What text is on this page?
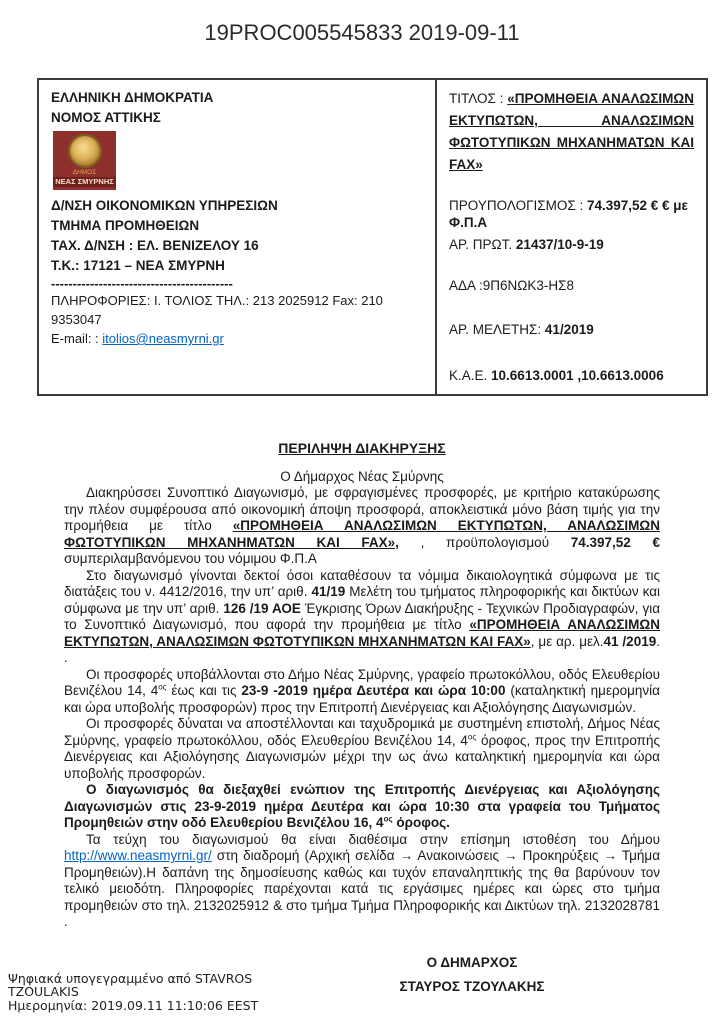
19PROC005545833 2019-09-11
ΕΛΛΗΝΙΚΗ ΔΗΜΟΚΡΑΤΙΑ
ΝΟΜΟΣ ΑΤΤΙΚΗΣ
ΔΗΜΟΣ
ΝΕΑΣ ΣΜΥΡΝΗΣ
Δ/ΝΣΗ ΟΙΚΟΝΟΜΙΚΩΝ ΥΠΗΡΕΣΙΩΝ
ΤΜΗΜΑ ΠΡΟΜΗΘΕΙΩΝ
ΤΑΧ. Δ/ΝΣΗ : ΕΛ. ΒΕΝΙΖΕΛΟΥ 16
Τ.Κ.: 17121 – ΝΕΑ ΣΜΥΡΝΗ
------------------------------------------
ΠΛΗΡΟΦΟΡΙΕΣ: Ι. ΤΟΛΙΟΣ ΤΗΛ.: 213 2025912 Fax: 210 9353047
E-mail: : itolios@neasmyrni.gr
ΤΙΤΛΟΣ : «ΠΡΟΜΗΘΕΙΑ ΑΝΑΛΩΣΙΜΩΝ ΕΚΤΥΠΩΤΩΝ, ΑΝΑΛΩΣΙΜΩΝ ΦΩΤΟΤΥΠΙΚΩΝ ΜΗΧΑΝΗΜΑΤΩΝ ΚΑΙ FAX»
ΠΡΟΥΠΟΛΟΓΙΣΜΟΣ : 74.397,52 € € με Φ.Π.Α
ΑΡ. ΠΡΩΤ. 21437/10-9-19
ΑΔΑ :9Π6ΝΩΚ3-ΗΣ8
ΑΡ. ΜΕΛΕΤΗΣ: 41/2019
Κ.Α.Ε. 10.6613.0001 ,10.6613.0006
ΠΕΡΙΛΗΨΗ ΔΙΑΚΗΡΥΞΗΣ
Ο Δήμαρχος Νέας Σμύρνης

Διακηρύσσει Συνοπτικό Διαγωνισμό, με σφραγισμένες προσφορές, με κριτήριο κατακύρωσης την πλέον συμφέρουσα από οικονομική άποψη προσφορά, αποκλειστικά μόνο βάση τιμής για την προμήθεια με τίτλο «ΠΡΟΜΗΘΕΙΑ ΑΝΑΛΩΣΙΜΩΝ ΕΚΤΥΠΩΤΩΝ, ΑΝΑΛΩΣΙΜΩΝ ΦΩΤΟΤΥΠΙΚΩΝ ΜΗΧΑΝΗΜΑΤΩΝ ΚΑΙ FAX», , προϋπολογισμού 74.397,52 € συμπεριλαμβανόμενου του νόμιμου Φ.Π.Α

Στο διαγωνισμό γίνονται δεκτοί όσοι καταθέσουν τα νόμιμα δικαιολογητικά σύμφωνα με τις διατάξεις του ν. 4412/2016, την υπ’ αριθ. 41/19 Μελέτη του τμήματος πληροφορικής και δικτύων και σύμφωνα με την υπ’ αριθ. 126 /19 ΑΟΕ Έγκρισης Όρων Διακήρυξης - Τεχνικών Προδιαγραφών, για το Συνοπτικό Διαγωνισμό, που αφορά την προμήθεια με τίτλο «ΠΡΟΜΗΘΕΙΑ ΑΝΑΛΩΣΙΜΩΝ ΕΚΤΥΠΩΤΩΝ, ΑΝΑΛΩΣΙΜΩΝ ΦΩΤΟΤΥΠΙΚΩΝ ΜΗΧΑΝΗΜΑΤΩΝ ΚΑΙ FAX», με αρ. μελ.41 /2019. .

Οι προσφορές υποβάλλονται στο Δήμο Νέας Σμύρνης, γραφείο πρωτοκόλλου, οδός Ελευθερίου Βενιζέλου 14, $4^{o\varsigma}$ έως και τις 23-9 -2019 ημέρα Δευτέρα και ώρα 10:00 (καταληκτική ημερομηνία και ώρα υποβολής προσφορών) προς την Επιτροπή Διενέργειας και Αξιολόγησης Διαγωνισμών.

Οι προσφορές δύναται να αποστέλλονται και ταχυδρομικά με συστημένη επιστολή, Δήμος Νέας Σμύρνης, γραφείο πρωτοκόλλου, οδός Ελευθερίου Βενιζέλου 14, $4^{o\varsigma}$ όροφος, προς την Επιτροπής Διενέργειας και Αξιολόγησης Διαγωνισμών μέχρι την ως άνω καταληκτική ημερομηνία και ώρα υποβολής προσφορών.

Ο διαγωνισμός θα διεξαχθεί ενώπιον της Επιτροπής Διενέργειας και Αξιολόγησης Διαγωνισμών στις 23-9-2019 ημέρα Δευτέρα και ώρα 10:30 στα γραφεία του Τμήματος Προμηθειών στην οδό Ελευθερίου Βενιζέλου 16, $4^{o\varsigma}$ όροφος.

Τα τεύχη του διαγωνισμού θα είναι διαθέσιμα στην επίσημη ιστοθέση του Δήμου http://www.neasmyrni.gr/ στη διαδρομή (Αρχική σελίδα → Ανακοινώσεις → Προκηρύξεις → Τμήμα Προμηθειών).Η δαπάνη της δημοσίευσης καθώς και τυχόν επαναληπτικής της θα βαρύνουν τον τελικό μειοδότη. Πληροφορίες παρέχονται κατά τις εργάσιμες ημέρες και ώρες στο τμήμα προμηθειών στο τηλ. 2132025912 & στο τμήμα Τμήμα Πληροφορικής και Δικτύων τηλ. 2132028781 .

Ο ΔΗΜΑΡΧΟΣ
ΣΤΑΥΡΟΣ ΤΖΟΥΛΑΚΗΣ
Ψηφιακά υπογεγραμμένο από STAVROS
TZOULAKIS
Ημερομηνία: 2019.09.11 11:10:06 EEST
